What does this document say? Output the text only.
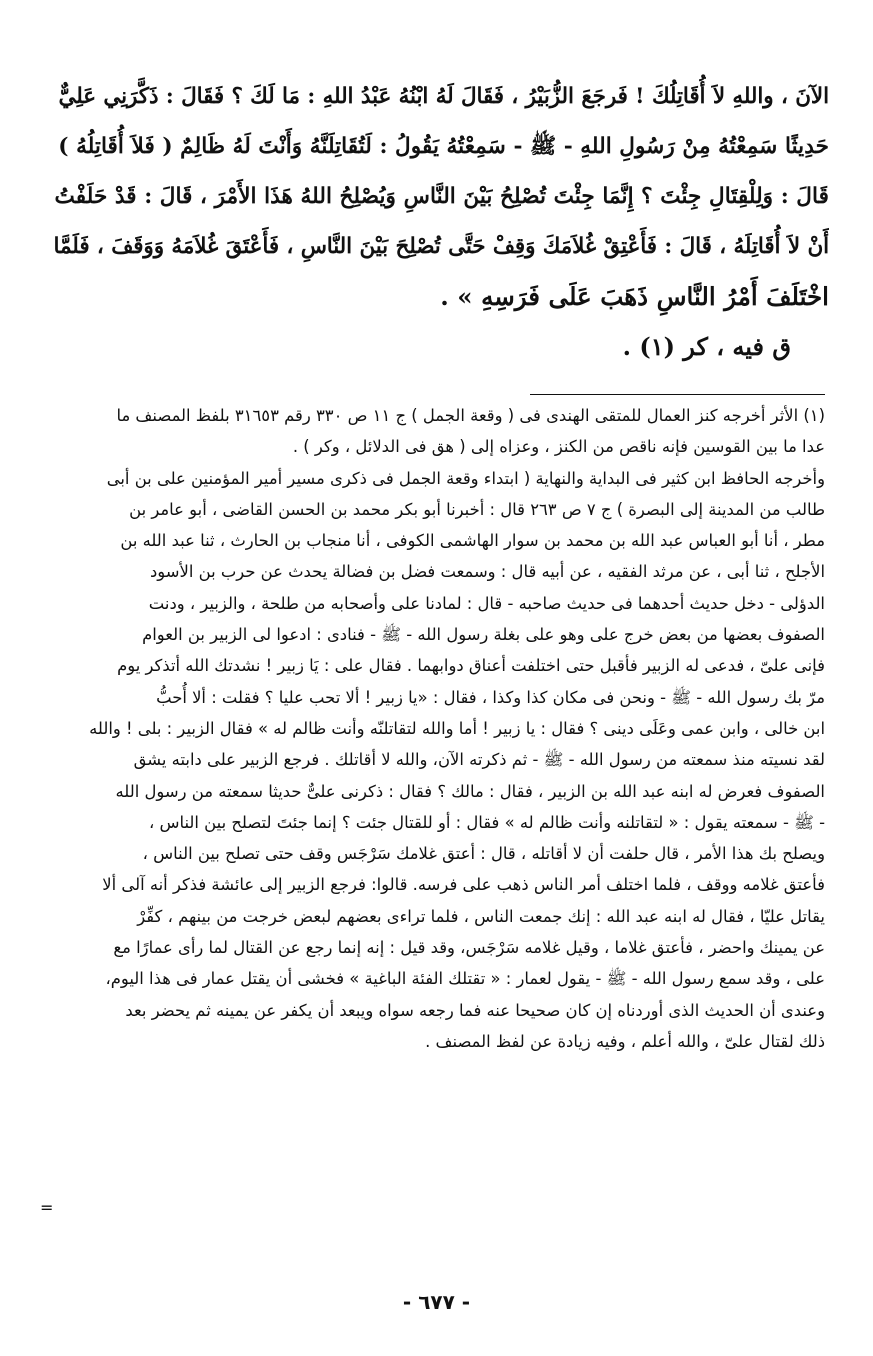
الآنَ ، واللهِ لاَ أُقَاتِلُكَ ! فَرجَعَ الزُّبَيْرُ ، فَقَالَ لَهُ ابْنُهُ عَبْدُ اللهِ : مَا لَكَ ؟ فَقَالَ : ذَكَّرَنِي عَلِيٌّ
حَدِيثًا سَمِعْتُهُ مِنْ رَسُولِ اللهِ - ﷺ - سَمِعْتُهُ يَقُولُ : لَتُقَاتِلَنَّهُ وَأَنْتَ لَهُ ظَالِمٌ ( فَلاَ أُقَاتِلُهُ )
قَالَ : وَلِلْقِتَالِ جِئْتَ ؟ إِنَّمَا جِئْتَ تُصْلِحُ بَيْنَ النَّاسِ وَيُصْلِحُ اللهُ هَذَا الأَمْرَ ، قَالَ : قَدْ حَلَفْتُ
أَنْ لاَ أُقَاتِلَهُ ، قَالَ : فَأَعْتِقْ غُلاَمَكَ وَقِفْ حَتَّى تُصْلِحَ بَيْنَ النَّاسِ ، فَأَعْتَقَ غُلاَمَهُ وَوَقَفَ ، فَلَمَّا
اخْتَلَفَ أَمْرُ النَّاسِ ذَهَبَ عَلَى فَرَسِهِ » .
ق فيه ، كر (١) .
(١) الأثر أخرجه كنز العمال للمتقى الهندى فى ( وقعة الجمل ) ج ١١ ص ٣٣٠ رقم ٣١٦٥٣ بلفظ المصنف ما
عدا ما بين القوسين فإنه ناقص من الكنز ، وعزاه إلى ( هق فى الدلائل ، وكر ) .
وأخرجه الحافظ ابن كثير فى البداية والنهاية ( ابتداء وقعة الجمل فى ذكرى مسير أمير المؤمنين على بن أبى
طالب من المدينة إلى البصرة ) ج ٧ ص ٢٦٣ قال : أخبرنا أبو بكر محمد بن الحسن القاضى ، أبو عامر بن
مطر ، أنا أبو العباس عبد الله بن محمد بن سوار الهاشمى الكوفى ، أنا منجاب بن الحارث ، ثنا عبد الله بن
الأجلح ، ثنا أبى ، عن مرثد الفقيه ، عن أبيه قال : وسمعت فضل بن فضالة يحدث عن حرب بن الأسود
الدؤلى - دخل حديث أحدهما فى حديث صاحبه - قال : لمادنا على وأصحابه من طلحة ، والزبير ، ودنت
الصفوف بعضها من بعض خرج على وهو على بغلة رسول الله - ﷺ - فنادى : ادعوا لى الزبير بن العوام
فإنى علىّ ، فدعى له الزبير فأقبل حتى اختلفت أعناق دوابهما . فقال على : يَا زبير ! نشدتك الله أتذكر يوم
مرّ بك رسول الله - ﷺ - ونحن فى مكان كذا وكذا ، فقال : «يا زبير ! ألا تحب عليا ؟ فقلت : ألا أُحبُّ
ابن خالى ، وابن عمى وعَلَى دينى ؟ فقال : يا زبير ! أما والله لتقاتلنّه وأنت ظالم له » فقال الزبير : بلى ! والله
لقد نسيته منذ سمعته من رسول الله - ﷺ - ثم ذكرته الآن، والله لا أقاتلك . فرجع الزبير على دابته يشق
الصفوف فعرض له ابنه عبد الله بن الزبير ، فقال : مالك ؟ فقال : ذكرنى علىٌّ حديثا سمعته من رسول الله
- ﷺ - سمعته يقول : « لتقاتلنه وأنت ظالم له » فقال : أو للقتال جئت ؟ إنما جئتَ لتصلح بين الناس ،
ويصلح بك هذا الأمر ، قال حلفت أن لا أقاتله ، قال : أعتق غلامك سَرْجَس وقف حتى تصلح بين الناس ،
فأعتق غلامه ووقف ، فلما اختلف أمر الناس ذهب على فرسه. قالوا: فرجع الزبير إلى عائشة فذكر أنه آلى ألا
يقاتل عليّا ، فقال له ابنه عبد الله : إنك جمعت الناس ، فلما تراءى بعضهم لبعض خرجت من بينهم ، كفِّرْ
عن يمينك واحضر ، فأعتق غلاما ، وقيل غلامه سَرْجَس، وقد قيل : إنه إنما رجع عن القتال لما رأى عمارًا مع
على ، وقد سمع رسول الله - ﷺ - يقول لعمار : « تقتلك الفئة الباغية » فخشى أن يقتل عمار فى هذا اليوم،
وعندى أن الحديث الذى أوردناه إن كان صحيحا عنه فما رجعه سواه ويبعد أن يكفر عن يمينه ثم يحضر بعد
ذلك لقتال علىّ ، والله أعلم ، وفيه زيادة عن لفظ المصنف .
=
- ٦٧٧ -
